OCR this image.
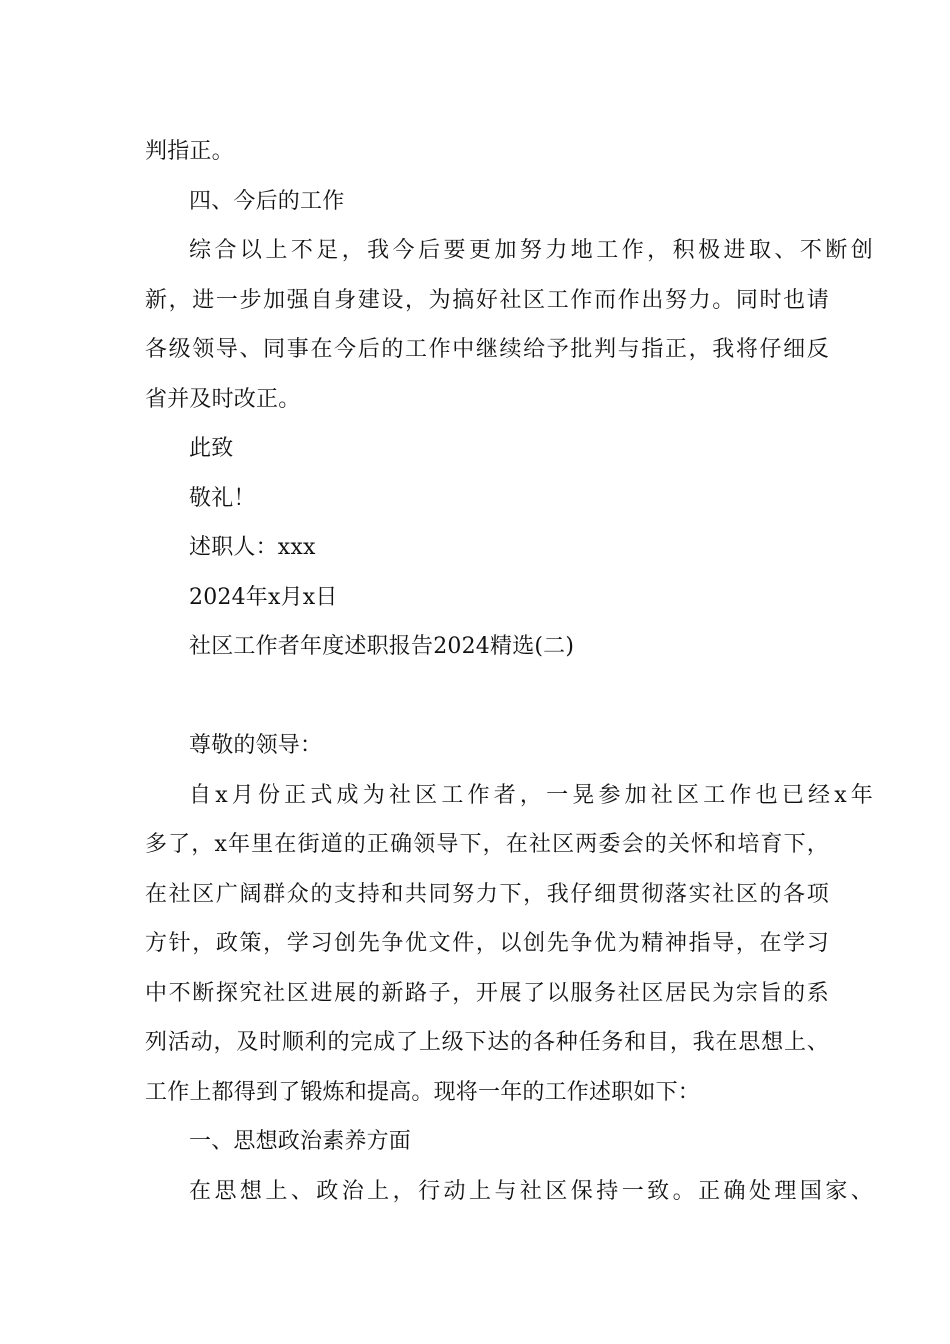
判指正。
四、今后的工作
综合以上不足，我今后要更加努力地工作，积极进取、不断创
新，进一步加强自身建设，为搞好社区工作而作出努力。同时也请
各级领导、同事在今后的工作中继续给予批判与指正，我将仔细反
省并及时改正。
此致
敬礼！
述职人：xxx
2024年x月x日
社区工作者年度述职报告2024精选(二)
尊敬的领导：
自x月份正式成为社区工作者，一晃参加社区工作也已经x年
多了，x年里在街道的正确领导下，在社区两委会的关怀和培育下，
在社区广阔群众的支持和共同努力下，我仔细贯彻落实社区的各项
方针，政策，学习创先争优文件，以创先争优为精神指导，在学习
中不断探究社区进展的新路子，开展了以服务社区居民为宗旨的系
列活动，及时顺利的完成了上级下达的各种任务和目，我在思想上、
工作上都得到了锻炼和提高。现将一年的工作述职如下：
一、思想政治素养方面
在思想上、政治上，行动上与社区保持一致。正确处理国家、
